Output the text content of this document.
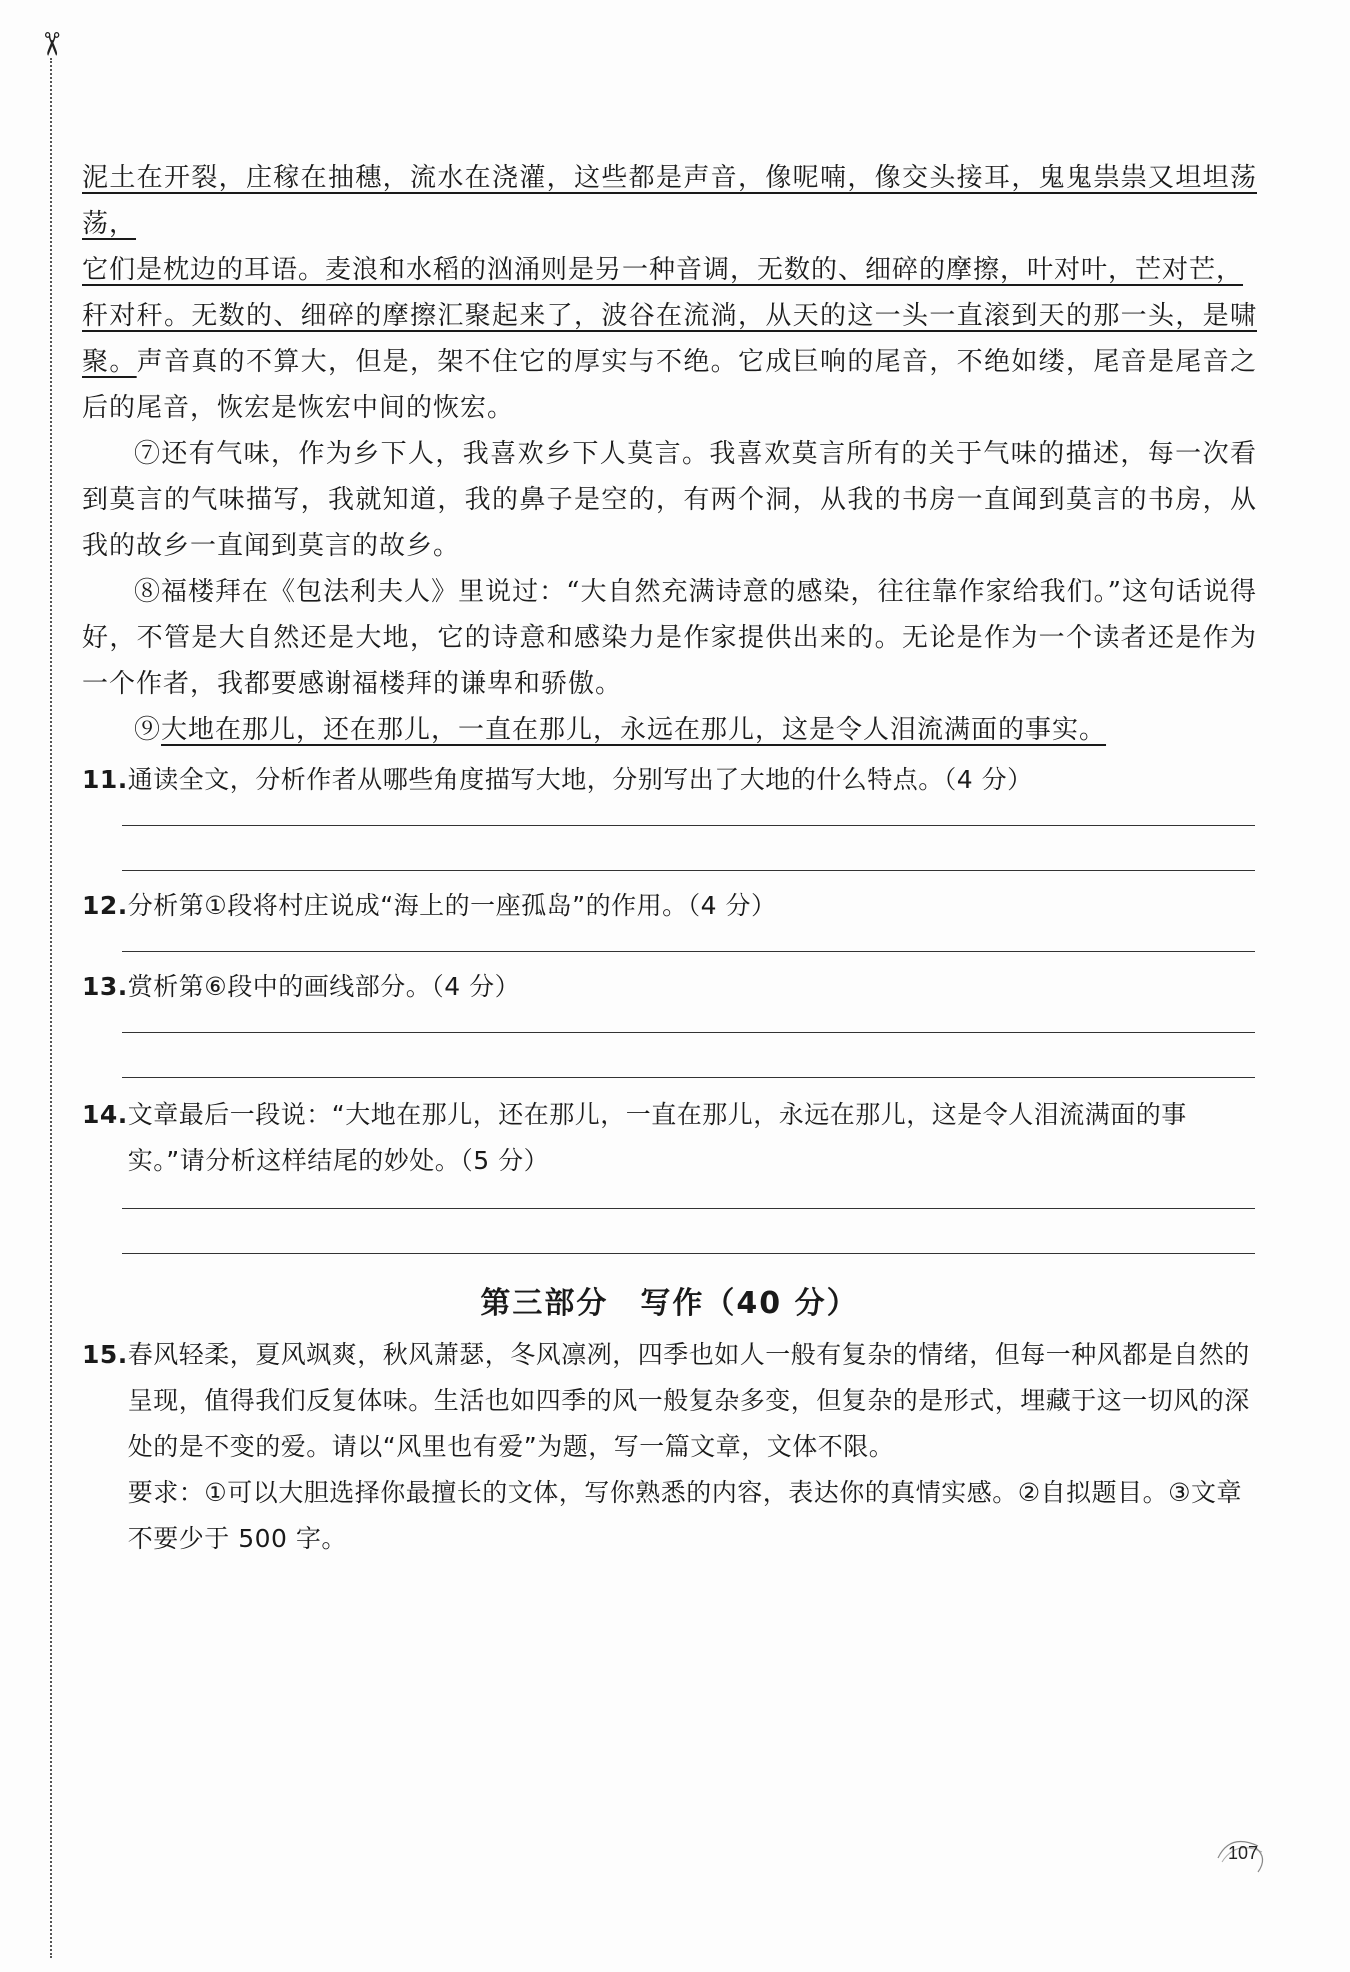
✂

泥土在开裂，庄稼在抽穗，流水在浇灌，这些都是声音，像呢喃，像交头接耳，鬼鬼祟祟又坦坦荡荡，
它们是枕边的耳语。麦浪和水稻的汹涌则是另一种音调，无数的、细碎的摩擦，叶对叶，芒对芒，
秆对秆。无数的、细碎的摩擦汇聚起来了，波谷在流淌，从天的这一头一直滚到天的那一头，是啸聚。声音真的不算大，但是，架不住它的厚实与不绝。它成巨响的尾音，不绝如缕，尾音是尾音之后的尾音，恢宏是恢宏中间的恢宏。

⑦还有气味，作为乡下人，我喜欢乡下人莫言。我喜欢莫言所有的关于气味的描述，每一次看到莫言的气味描写，我就知道，我的鼻子是空的，有两个洞，从我的书房一直闻到莫言的书房，从我的故乡一直闻到莫言的故乡。

⑧福楼拜在《包法利夫人》里说过：“大自然充满诗意的感染，往往靠作家给我们。”这句话说得好，不管是大自然还是大地，它的诗意和感染力是作家提供出来的。无论是作为一个读者还是作为一个作者，我都要感谢福楼拜的谦卑和骄傲。

⑨大地在那儿，还在那儿，一直在那儿，永远在那儿，这是令人泪流满面的事实。

11. 通读全文，分析作者从哪些角度描写大地，分别写出了大地的什么特点。（4 分）
12. 分析第①段将村庄说成“海上的一座孤岛”的作用。（4 分）
13. 赏析第⑥段中的画线部分。（4 分）
14. 文章最后一段说：“大地在那儿，还在那儿，一直在那儿，永远在那儿，这是令人泪流满面的事实。”请分析这样结尾的妙处。（5 分）

第三部分　写作（40 分）

15. 春风轻柔，夏风飒爽，秋风萧瑟，冬风凛冽，四季也如人一般有复杂的情绪，但每一种风都是自然的呈现，值得我们反复体味。生活也如四季的风一般复杂多变，但复杂的是形式，埋藏于这一切风的深处的是不变的爱。请以“风里也有爱”为题，写一篇文章，文体不限。
要求：①可以大胆选择你最擅长的文体，写你熟悉的内容，表达你的真情实感。②自拟题目。③文章不要少于 500 字。
107
